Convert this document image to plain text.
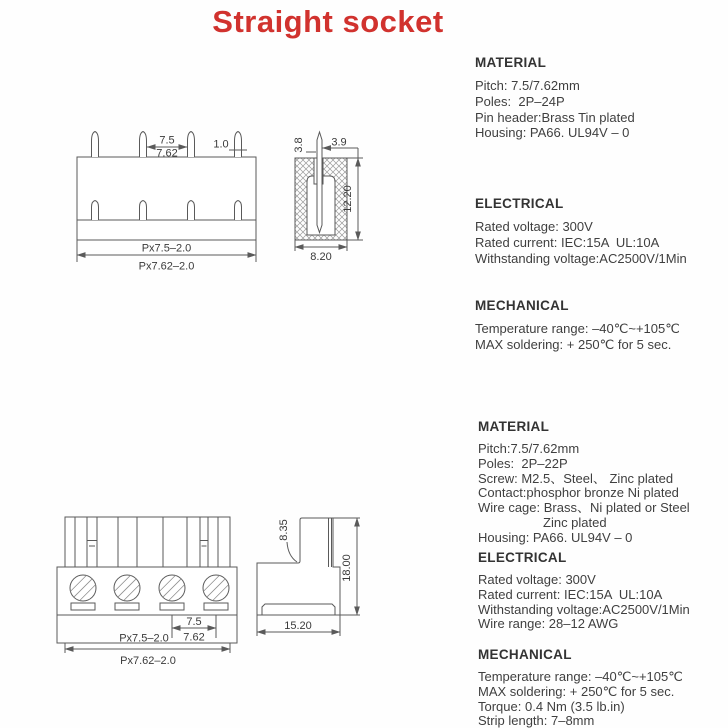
Straight socket
7.5
7.62
1.0
Px7.5–2.0
Px7.62–2.0
3.8 3.9
12.20
8.20
7.5
7.62
Px7.5–2.0
Px7.62–2.0
8.35
18.00
15.20
MATERIAL
Pitch: 7.5/7.62mm
Poles:  2P–24P
Pin header:Brass Tin plated
Housing: PA66. UL94V – 0
ELECTRICAL
Rated voltage: 300V
Rated current: IEC:15A  UL:10A
Withstanding voltage:AC2500V/1Min
MECHANICAL
Temperature range: –40℃~+105℃
MAX soldering: + 250℃ for 5 sec.
MATERIAL
Pitch:7.5/7.62mm
Poles:  2P–22P
Screw: M2.5、Steel、 Zinc plated
Contact:phosphor bronze Ni plated
Wire cage: Brass、Ni plated or Steel
Zinc plated
Housing: PA66. UL94V – 0
ELECTRICAL
Rated voltage: 300V
Rated current: IEC:15A  UL:10A
Withstanding voltage:AC2500V/1Min
Wire range: 28–12 AWG
MECHANICAL
Temperature range: –40℃~+105℃
MAX soldering: + 250℃ for 5 sec.
Torque: 0.4 Nm (3.5 lb.in)
Strip length: 7–8mm
